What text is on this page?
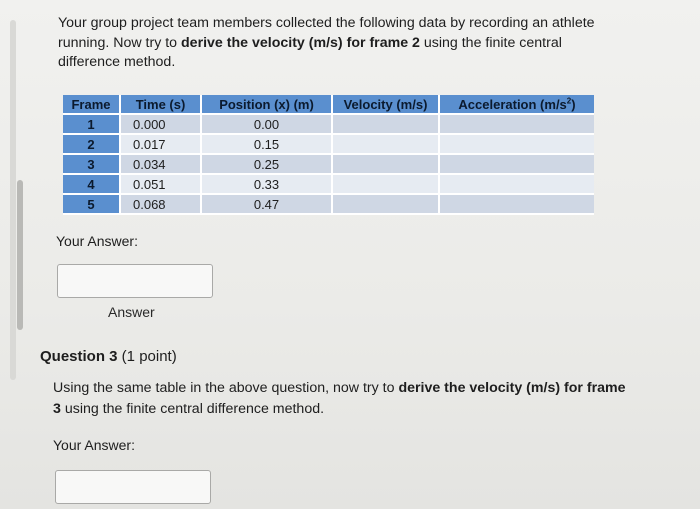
Your group project team members collected the following data by recording an athlete running. Now try to derive the velocity (m/s) for frame 2 using the finite central difference method.
Frame	Time (s)	Position (x) (m)	Velocity (m/s)	Acceleration $(m/s^2)$
1	0.000	0.00		
2	0.017	0.15		
3	0.034	0.25		
4	0.051	0.33		
5	0.068	0.47		
Your Answer:
Answer
Question 3 (1 point)
Using the same table in the above question, now try to derive the velocity (m/s) for frame 3 using the finite central difference method.
Your Answer:
